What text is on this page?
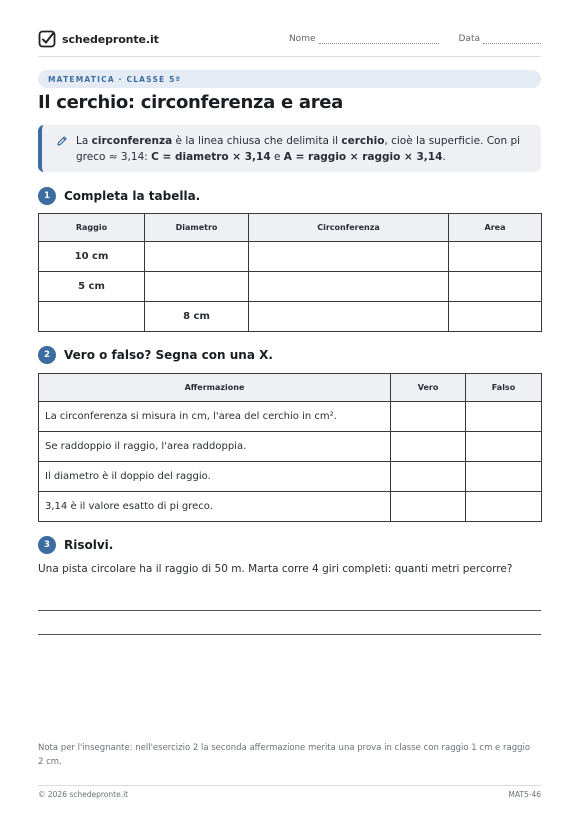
schedepronte.it	Nome	Data
MATEMATICA · CLASSE 5ª
Il cerchio: circonferenza e area

La circonferenza è la linea chiusa che delimita il cerchio, cioè la superficie. Con pi greco ≈ 3,14: C = diametro × 3,14 e A = raggio × raggio × 3,14.

1	Completa la tabella.
Raggio	Diametro	Circonferenza	Area
10 cm			
5 cm			
	8 cm		
2	Vero o falso? Segna con una X.
Affermazione	Vero	Falso
La circonferenza si misura in cm, l'area del cerchio in cm².		
Se raddoppio il raggio, l'area raddoppia.		
Il diametro è il doppio del raggio.		
3,14 è il valore esatto di pi greco.		
3	Risolvi.
Una pista circolare ha il raggio di 50 m. Marta corre 4 giri completi: quanti metri percorre?
Nota per l'insegnante: nell'esercizio 2 la seconda affermazione merita una prova in classe con raggio 1 cm e raggio 2 cm.
© 2026 schedepronte.it	MAT5-46
